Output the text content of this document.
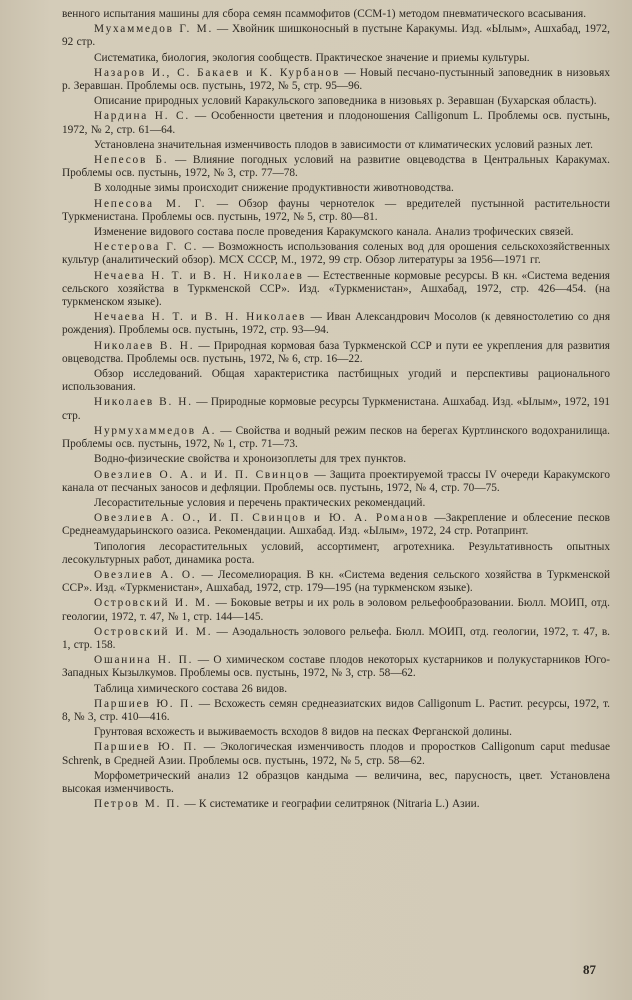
венного испытания машины для сбора семян псаммофитов (ССМ-1) методом пневматического всасывания.

Мухаммедов Г. М. — Хвойник шишконосный в пустыне Каракумы. Изд. «Ылым», Ашхабад, 1972, 92 стр.

Систематика, биология, экология сообществ. Практическое значение и приемы культуры.

Назаров И., С. Бакаев и К. Курбанов — Новый песчано-пустынный заповедник в низовьях р. Зеравшан. Проблемы осв. пустынь, 1972, № 5, стр. 95—96.

Описание природных условий Каракульского заповедника в низовьях р. Зеравшан (Бухарская область).

Нардина Н. С. — Особенности цветения и плодоношения Calligonum L. Проблемы осв. пустынь, 1972, № 2, стр. 61—64.

Установлена значительная изменчивость плодов в зависимости от климатических условий разных лет.

Непесов Б. — Влияние погодных условий на развитие овцеводства в Центральных Каракумах. Проблемы осв. пустынь, 1972, № 3, стр. 77—78.

В холодные зимы происходит снижение продуктивности животноводства.

Непесова М. Г. — Обзор фауны чернотелок — вредителей пустынной растительности Туркменистана. Проблемы осв. пустынь, 1972, № 5, стр. 80—81.

Изменение видового состава после проведения Каракумского канала. Анализ трофических связей.

Нестерова Г. С. — Возможность использования соленых вод для орошения сельскохозяйственных культур (аналитический обзор). МСХ СССР, М., 1972, 99 стр. Обзор литературы за 1956—1971 гг.

Нечаева Н. Т. и В. Н. Николаев — Естественные кормовые ресурсы. В кн. «Система ведения сельского хозяйства в Туркменской ССР». Изд. «Туркменистан», Ашхабад, 1972, стр. 426—454. (на туркменском языке).

Нечаева Н. Т. и В. Н. Николаев — Иван Александрович Мосолов (к девяностолетию со дня рождения). Проблемы осв. пустынь, 1972, стр. 93—94.

Николаев В. Н. — Природная кормовая база Туркменской ССР и пути ее укрепления для развития овцеводства. Проблемы осв. пустынь, 1972, № 6, стр. 16—22.

Обзор исследований. Общая характеристика пастбищных угодий и перспективы рационального использования.

Николаев В. Н. — Природные кормовые ресурсы Туркменистана. Ашхабад. Изд. «Ылым», 1972, 191 стр.

Нурмухаммедов А. — Свойства и водный режим песков на берегах Куртлинского водохранилища. Проблемы осв. пустынь, 1972, № 1, стр. 71—73.

Водно-физические свойства и хроноизоплеты для трех пунктов.

Овезлиев О. А. и И. П. Свинцов — Защита проектируемой трассы IV очереди Каракумского канала от песчаных заносов и дефляции. Проблемы осв. пустынь, 1972, № 4, стр. 70—75.

Лесорастительные условия и перечень практических рекомендаций.

Овезлиев А. О., И. П. Свинцов и Ю. А. Романов —Закрепление и облесение песков Среднеамударьинского оазиса. Рекомендации. Ашхабад. Изд. «Ылым», 1972, 24 стр. Ротапринт.

Типология лесорастительных условий, ассортимент, агротехника. Результативность опытных лесокультурных работ, динамика роста.

Овезлиев А. О. — Лесомелиорация. В кн. «Система ведения сельского хозяйства в Туркменской ССР». Изд. «Туркменистан», Ашхабад, 1972, стр. 179—195 (на туркменском языке).

Островский И. М. — Боковые ветры и их роль в эоловом рельефообразовании. Бюлл. МОИП, отд. геологии, 1972, т. 47, № 1, стр. 144—145.

Островский И. М. — Аэодальность эолового рельефа. Бюлл. МОИП, отд. геологии, 1972, т. 47, в. 1, стр. 158.

Ошанина Н. П. — О химическом составе плодов некоторых кустарников и полукустарников Юго-Западных Кызылкумов. Проблемы осв. пустынь, 1972, № 3, стр. 58—62.

Таблица химического состава 26 видов.

Паршиев Ю. П. — Всхожесть семян среднеазиатских видов Calligonum L. Растит. ресурсы, 1972, т. 8, № 3, стр. 410—416.

Грунтовая всхожесть и выживаемость всходов 8 видов на песках Ферганской долины.

Паршиев Ю. П. — Экологическая изменчивость плодов и проростков Calligonum caput medusae Schrenk, в Средней Азии. Проблемы осв. пустынь, 1972, № 5, стр. 58—62.

Морфометрический анализ 12 образцов кандыма — величина, вес, парусность, цвет. Установлена высокая изменчивость.

Петров М. П. — К систематике и географии селитрянок (Nitraria L.) Азии.

87
